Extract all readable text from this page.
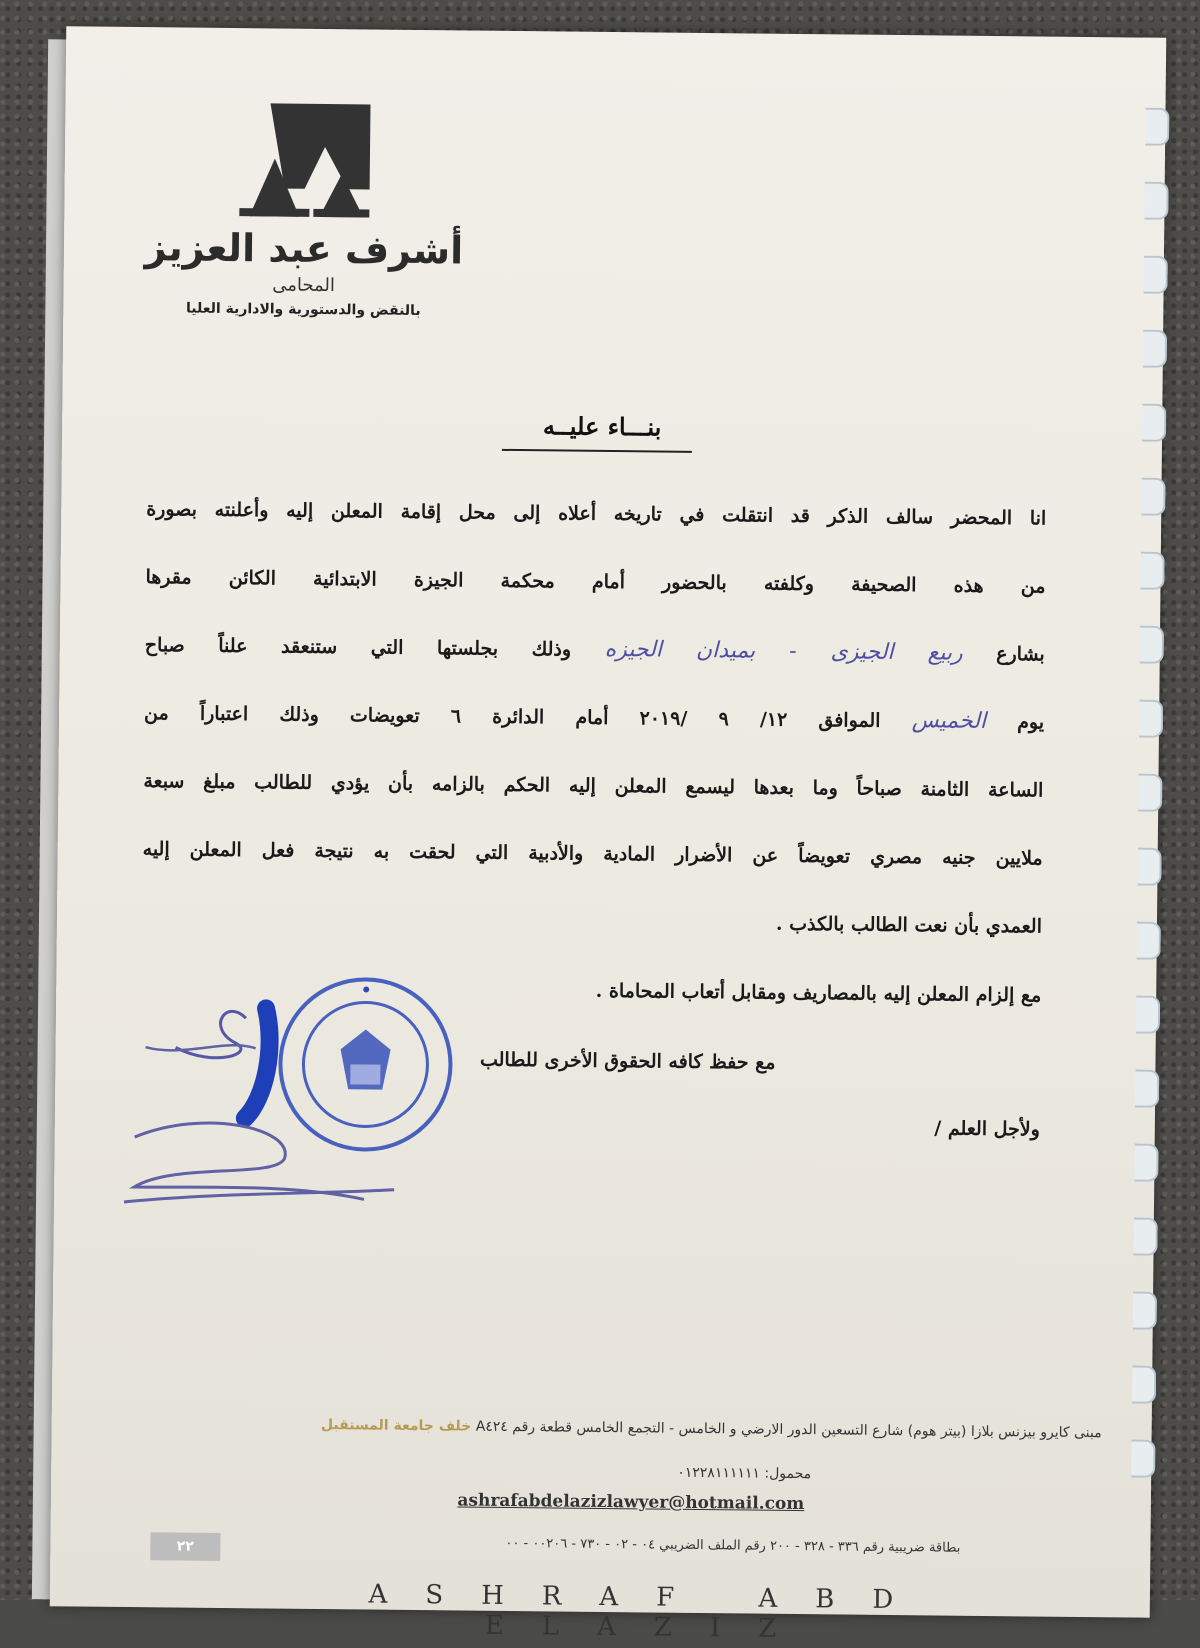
أشرف عبد العزيز
المحامى
بالنقض والدستورية والادارية العليا
بنـــاء عليــه
انا المحضر سالف الذكر قد انتقلت في تاريخه أعلاه إلى محل إقامة المعلن إليه وأعلنته بصورة
من هذه الصحيفة وكلفته بالحضور أمام محكمة الجيزة الابتدائية الكائن مقرها
بشارع ربيع الجيزى - بميدان الجيزه وذلك بجلستها التي ستنعقد علناً صباح
يوم الخميس الموافق ١٢/ ٩ /٢٠١٩ أمام الدائرة ٦ تعويضات وذلك اعتباراً من
الساعة الثامنة صباحاً وما بعدها ليسمع المعلن إليه الحكم بالزامه بأن يؤدي للطالب مبلغ سبعة
ملايين جنيه مصري تعويضاً عن الأضرار المادية والأدبية التي لحقت به نتيجة فعل المعلن إليه
العمدي بأن نعت الطالب بالكذب .
مع إلزام المعلن إليه بالمصاريف ومقابل أتعاب المحاماة .
مع حفظ كافه الحقوق الأخرى للطالب
ولأجل العلم /
مبنى كايرو بيزنس بلازا (بيتر هوم) شارع التسعين الدور الارضي و الخامس - التجمع الخامس قطعة رقم A٤٢٤ خلف جامعة المستقبل
محمول: ٠١٢٢٨١١١١١١
ashrafabdelazizlawyer@hotmail.com
٢٢	بطاقة ضريبية رقم ٣٣٦ - ٣٢٨ - ٢٠٠ رقم الملف الضريبي ٠٤ - ٠٢ - ٧٣٠ - ٠٠٢٠٦ - ٠٠
ASHRAF ABD ELAZIZ
